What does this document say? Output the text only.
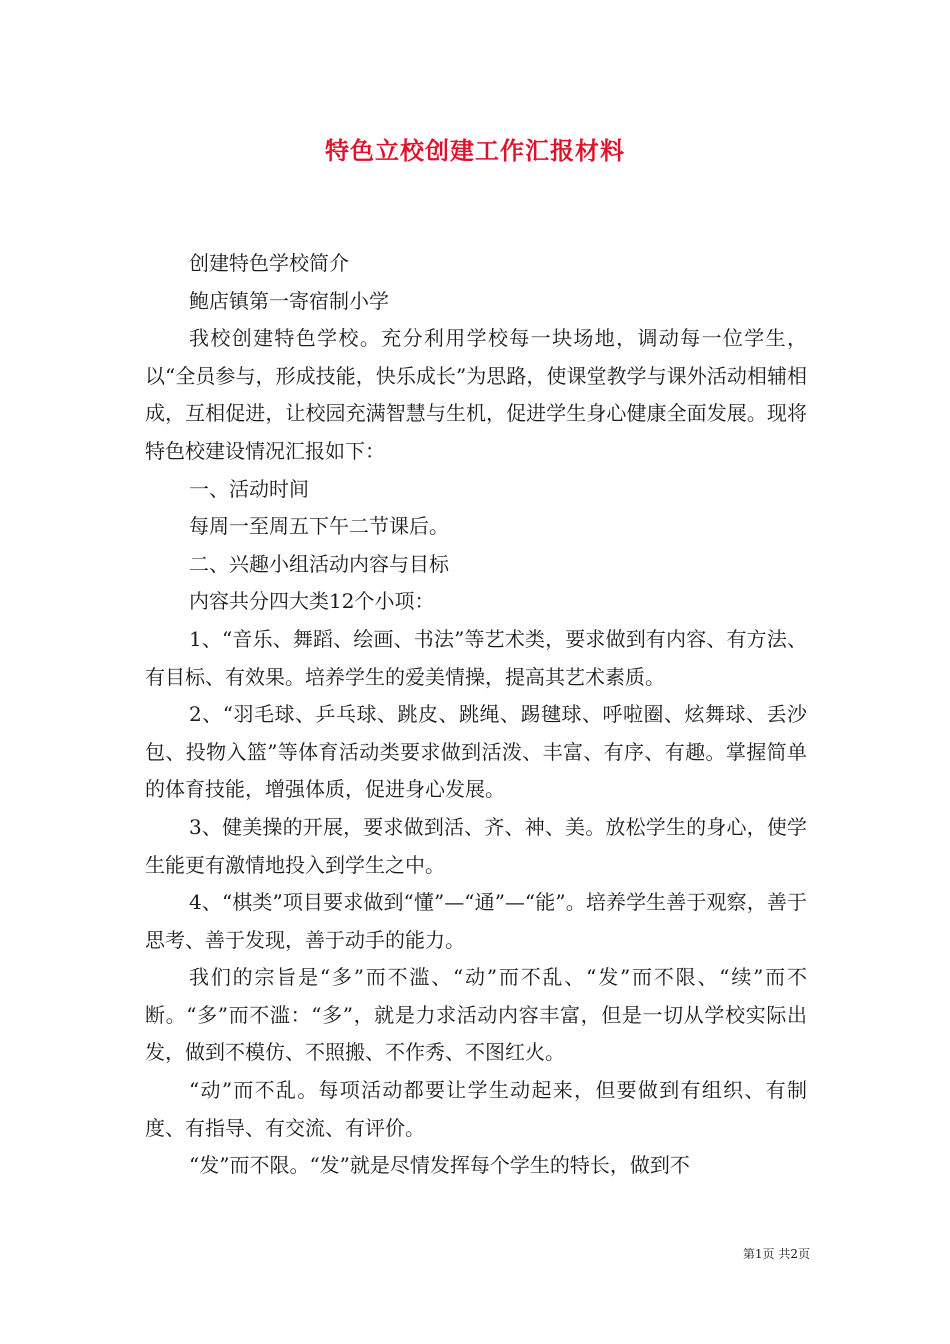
特色立校创建工作汇报材料

创建特色学校简介

鲍店镇第一寄宿制小学

我校创建特色学校。充分利用学校每一块场地，调动每一位学生，以“全员参与，形成技能，快乐成长”为思路，使课堂教学与课外活动相辅相成，互相促进，让校园充满智慧与生机，促进学生身心健康全面发展。现将特色校建设情况汇报如下：

一、活动时间

每周一至周五下午二节课后。

二、兴趣小组活动内容与目标

内容共分四大类12个小项：

1、“音乐、舞蹈、绘画、书法”等艺术类，要求做到有内容、有方法、有目标、有效果。培养学生的爱美情操，提高其艺术素质。

2、“羽毛球、乒乓球、跳皮、跳绳、踢毽球、呼啦圈、炫舞球、丢沙包、投物入篮”等体育活动类要求做到活泼、丰富、有序、有趣。掌握简单的体育技能，增强体质，促进身心发展。

3、健美操的开展，要求做到活、齐、神、美。放松学生的身心，使学生能更有激情地投入到学生之中。

4、“棋类”项目要求做到“懂”—“通”—“能”。培养学生善于观察，善于思考、善于发现，善于动手的能力。

我们的宗旨是“多”而不滥、“动”而不乱、“发”而不限、“续”而不断。“多”而不滥：“多”，就是力求活动内容丰富，但是一切从学校实际出发，做到不模仿、不照搬、不作秀、不图红火。

“动”而不乱。每项活动都要让学生动起来，但要做到有组织、有制度、有指导、有交流、有评价。

“发”而不限。“发”就是尽情发挥每个学生的特长，做到不

第1页 共2页
